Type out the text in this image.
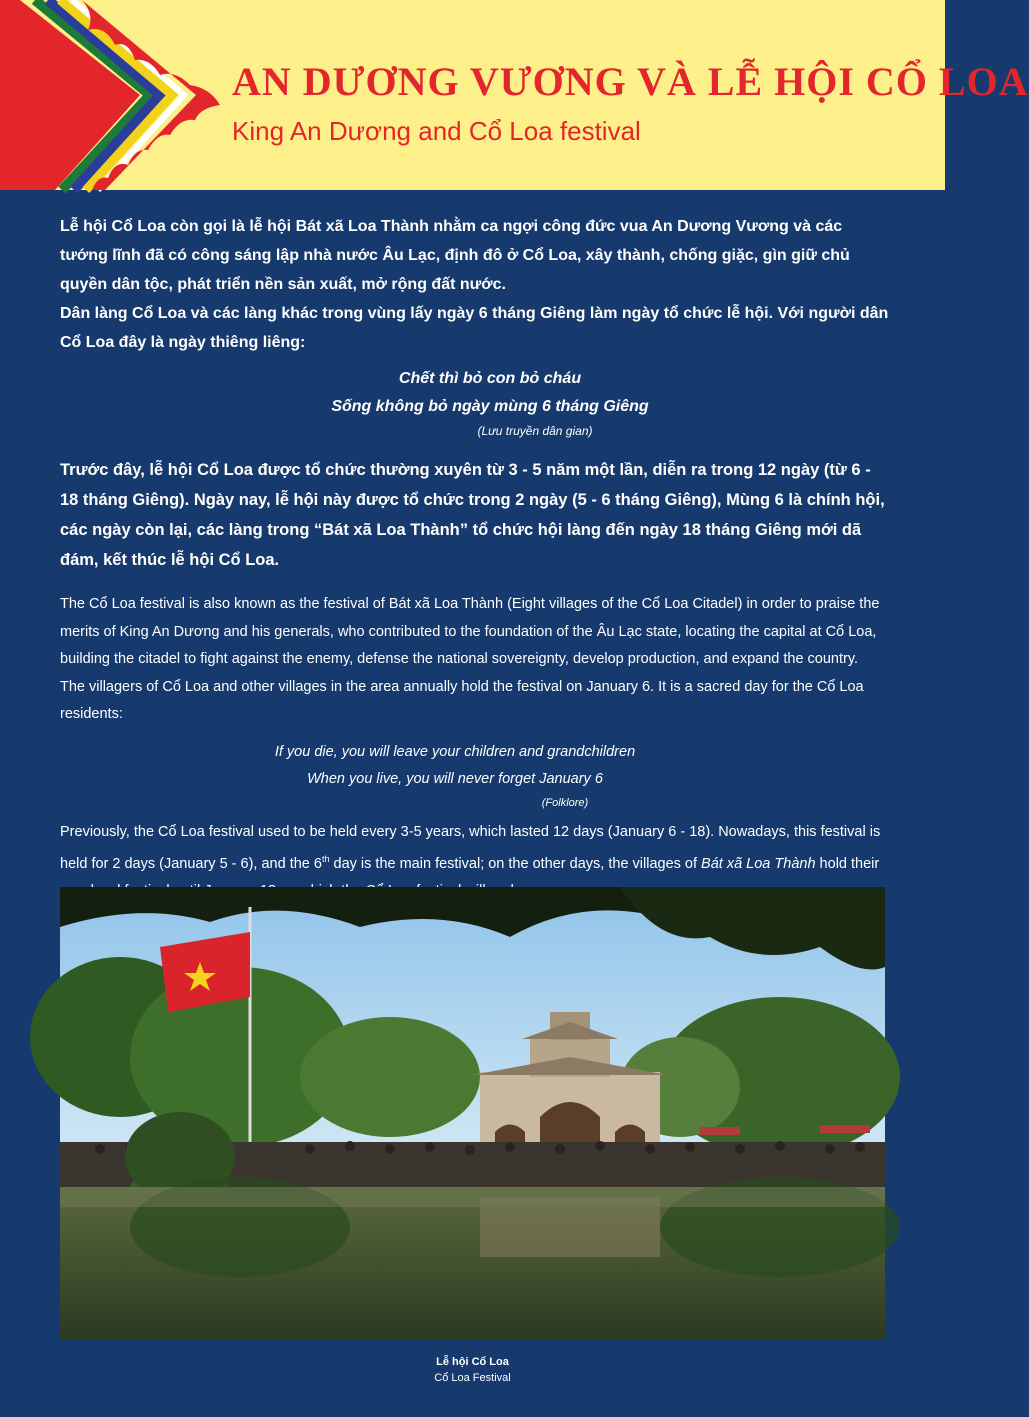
AN DƯƠNG VƯƠNG VÀ LỄ HỘI CỔ LOA
King An Dương and Cổ Loa festival

Lễ hội Cổ Loa còn gọi là lễ hội Bát xã Loa Thành nhằm ca ngợi công đức vua An Dương Vương và các tướng lĩnh đã có công sáng lập nhà nước Âu Lạc, định đô ở Cổ Loa, xây thành, chống giặc, gìn giữ chủ quyền dân tộc, phát triển nền sản xuất, mở rộng đất nước.

Dân làng Cổ Loa và các làng khác trong vùng lấy ngày 6 tháng Giêng làm ngày tổ chức lễ hội. Với người dân Cổ Loa đây là ngày thiêng liêng:

Chết thì bỏ con bỏ cháu
Sống không bỏ ngày mùng 6 tháng Giêng
(Lưu truyền dân gian)

Trước đây, lễ hội Cổ Loa được tổ chức thường xuyên từ 3 - 5 năm một lần, diễn ra trong 12 ngày (từ 6 - 18 tháng Giêng). Ngày nay, lễ hội này được tổ chức trong 2 ngày (5 - 6 tháng Giêng), Mùng 6 là chính hội, các ngày còn lại, các làng trong “Bát xã Loa Thành” tổ chức hội làng đến ngày 18 tháng Giêng mới dã đám, kết thúc lễ hội Cổ Loa.

The Cổ Loa festival is also known as the festival of Bát xã Loa Thành (Eight villages of the Cổ Loa Citadel) in order to praise the merits of King An Dương and his generals, who contributed to the foundation of the Âu Lạc state, locating the capital at Cổ Loa, building the citadel to fight against the enemy, defense the national sovereignty, develop production, and expand the country.

The villagers of Cổ Loa and other villages in the area annually hold the festival on January 6. It is a sacred day for the Cổ Loa residents:

If you die, you will leave your children and grandchildren
When you live, you will never forget January 6
(Folklore)

Previously, the Cổ Loa festival used to be held every 3-5 years, which lasted 12 days (January 6 - 18). Nowadays, this festival is held for 2 days (January 5 - 6), and the 6th day is the main festival; on the other days, the villages of Bát xã Loa Thành hold their

Lễ hội Cổ Loa
Cổ Loa Festival
